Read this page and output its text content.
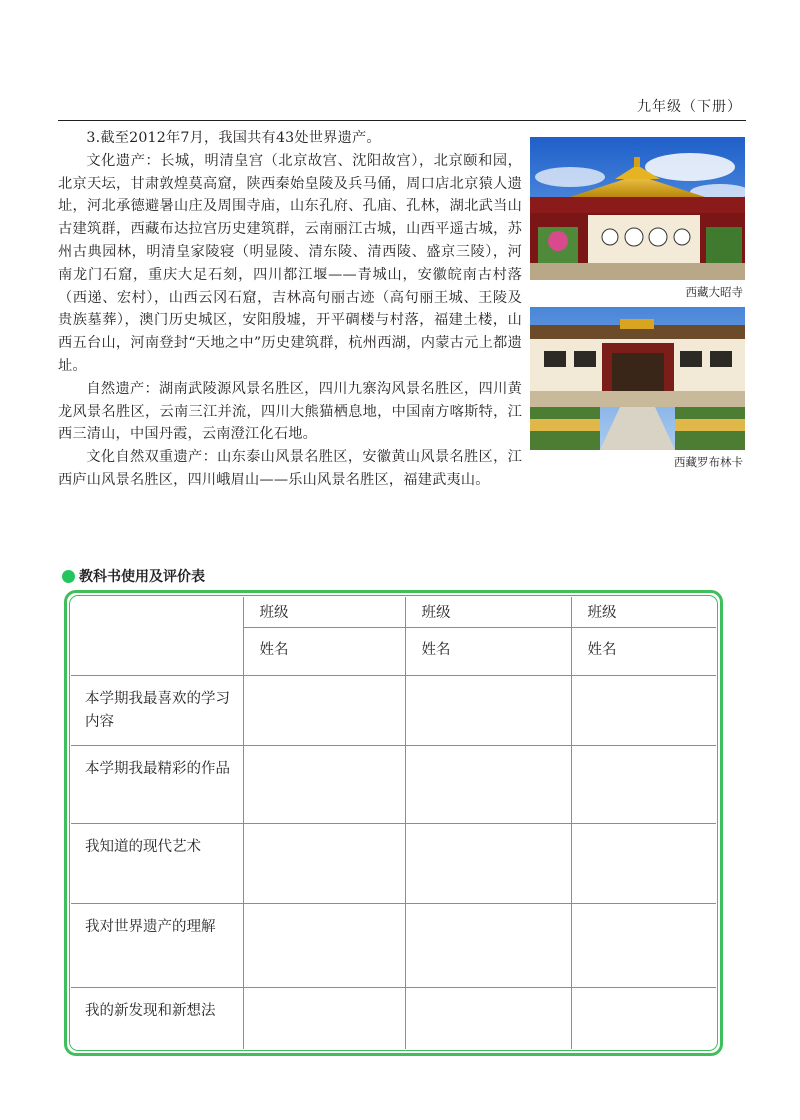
九年级（下册）

3.截至2012年7月，我国共有43处世界遗产。

文化遗产：长城，明清皇宫（北京故宫、沈阳故宫），北京颐和园，北京天坛，甘肃敦煌莫高窟，陕西秦始皇陵及兵马俑，周口店北京猿人遗址，河北承德避暑山庄及周围寺庙，山东孔府、孔庙、孔林，湖北武当山古建筑群，西藏布达拉宫历史建筑群，云南丽江古城，山西平遥古城，苏州古典园林，明清皇家陵寝（明显陵、清东陵、清西陵、盛京三陵），河南龙门石窟，重庆大足石刻，四川都江堰——青城山，安徽皖南古村落（西递、宏村），山西云冈石窟，吉林高句丽古迹（高句丽王城、王陵及贵族墓葬），澳门历史城区，安阳殷墟，开平碉楼与村落，福建土楼，山西五台山，河南登封“天地之中”历史建筑群，杭州西湖，内蒙古元上都遗址。

自然遗产：湖南武陵源风景名胜区，四川九寨沟风景名胜区，四川黄龙风景名胜区，云南三江并流，四川大熊猫栖息地，中国南方喀斯特，江西三清山，中国丹霞，云南澄江化石地。

文化自然双重遗产：山东泰山风景名胜区，安徽黄山风景名胜区，江西庐山风景名胜区，四川峨眉山——乐山风景名胜区，福建武夷山。

西藏大昭寺
西藏罗布林卡
教科书使用及评价表
	班级	班级	班级
	姓名	姓名	姓名
本学期我最喜欢的学习内容			
本学期我最精彩的作品			
我知道的现代艺术			
我对世界遗产的理解			
我的新发现和新想法			
